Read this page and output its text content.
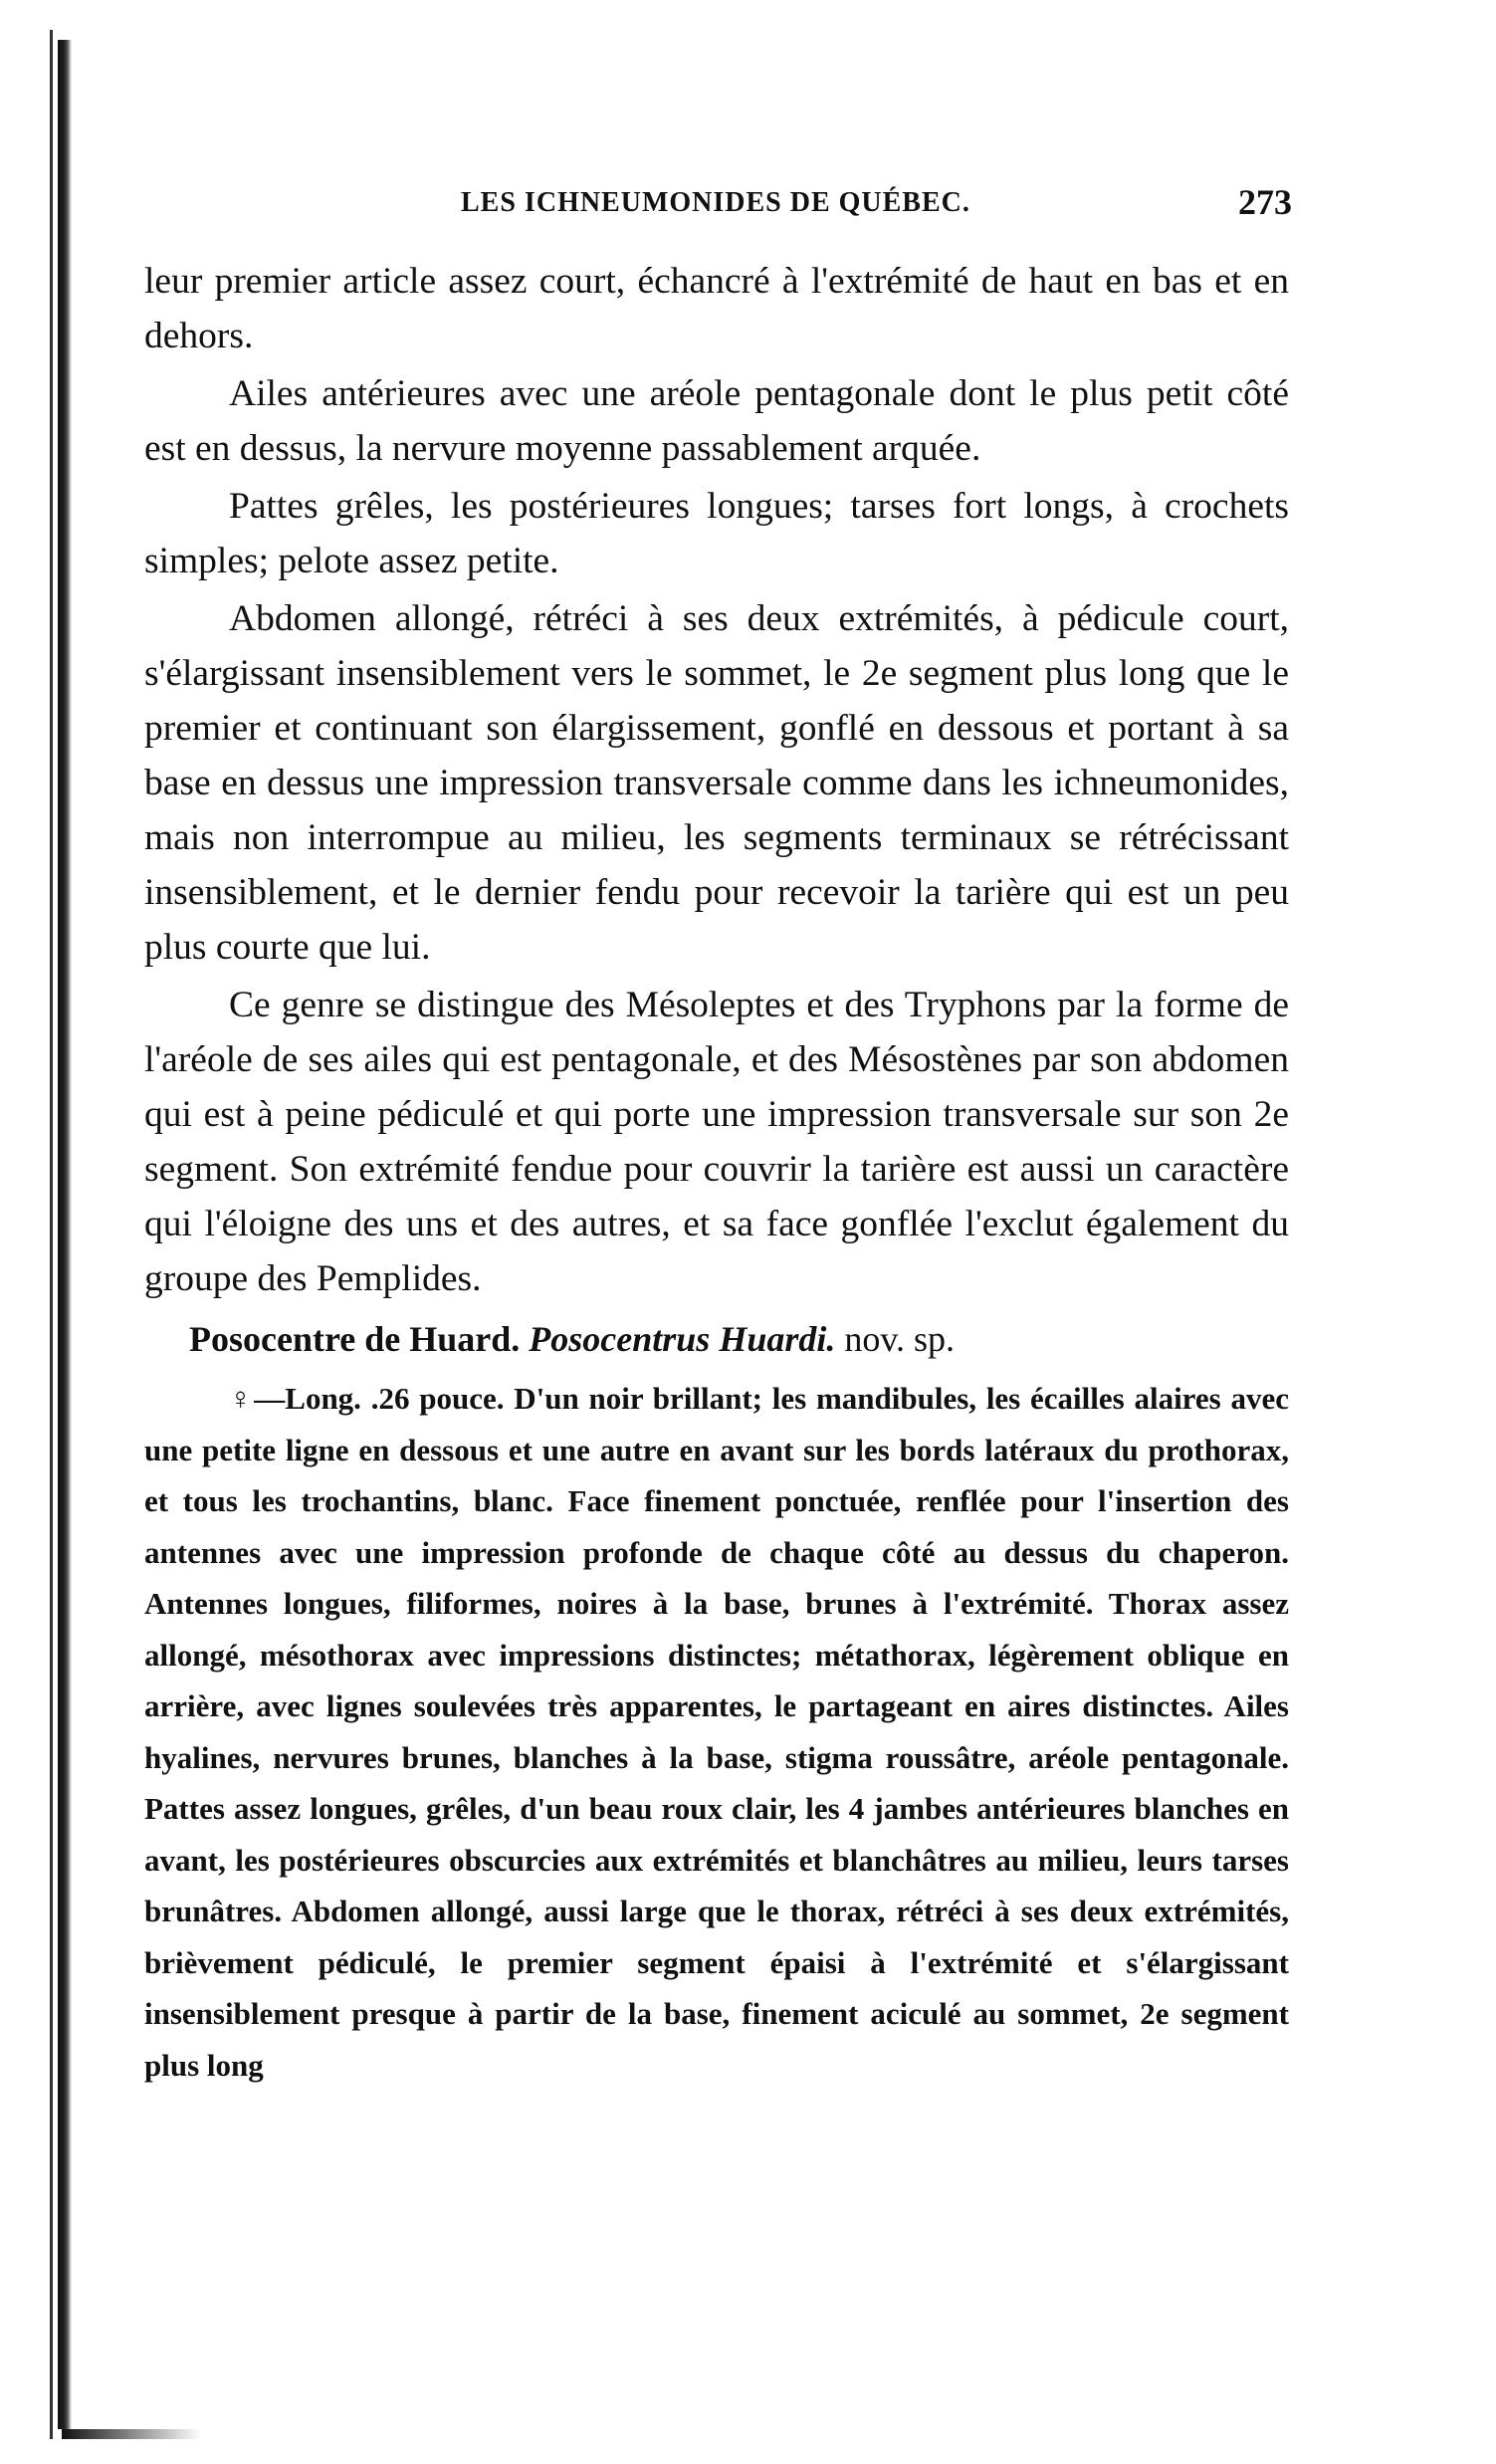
LES ICHNEUMONIDES DE QUÉBEC.	273

leur premier article assez court, échancré à l'extrémité de haut en bas et en dehors.

Ailes antérieures avec une aréole pentagonale dont le plus petit côté est en dessus, la nervure moyenne passablement arquée.

Pattes grêles, les postérieures longues; tarses fort longs, à crochets simples; pelote assez petite.

Abdomen allongé, rétréci à ses deux extrémités, à pédicule court, s'élargissant insensiblement vers le sommet, le 2e segment plus long que le premier et continuant son élargissement, gonflé en dessous et portant à sa base en dessus une impression transversale comme dans les ichneumonides, mais non interrompue au milieu, les segments terminaux se rétrécissant insensiblement, et le dernier fendu pour recevoir la tarière qui est un peu plus courte que lui.

Ce genre se distingue des Mésoleptes et des Tryphons par la forme de l'aréole de ses ailes qui est pentagonale, et des Mésostènes par son abdomen qui est à peine pédiculé et qui porte une impression transversale sur son 2e segment. Son extrémité fendue pour couvrir la tarière est aussi un caractère qui l'éloigne des uns et des autres, et sa face gonflée l'exclut également du groupe des Pemplides.

Posocentre de Huard. Posocentrus Huardi. nov. sp.

♀—Long. .26 pouce. D'un noir brillant; les mandibules, les écailles alaires avec une petite ligne en dessous et une autre en avant sur les bords latéraux du prothorax, et tous les trochantins, blanc. Face finement ponctuée, renflée pour l'insertion des antennes avec une impression profonde de chaque côté au dessus du chaperon. Antennes longues, filiformes, noires à la base, brunes à l'extrémité. Thorax assez allongé, mésothorax avec impressions distinctes; métathorax, légèrement oblique en arrière, avec lignes soulevées très apparentes, le partageant en aires distinctes. Ailes hyalines, nervures brunes, blanches à la base, stigma roussâtre, aréole pentagonale. Pattes assez longues, grêles, d'un beau roux clair, les 4 jambes antérieures blanches en avant, les postérieures obscurcies aux extrémités et blanchâtres au milieu, leurs tarses brunâtres. Abdomen allongé, aussi large que le thorax, rétréci à ses deux extrémités, brièvement pédiculé, le premier segment épaisi à l'extrémité et s'élargissant insensiblement presque à partir de la base, finement aciculé au sommet, 2e segment plus long
